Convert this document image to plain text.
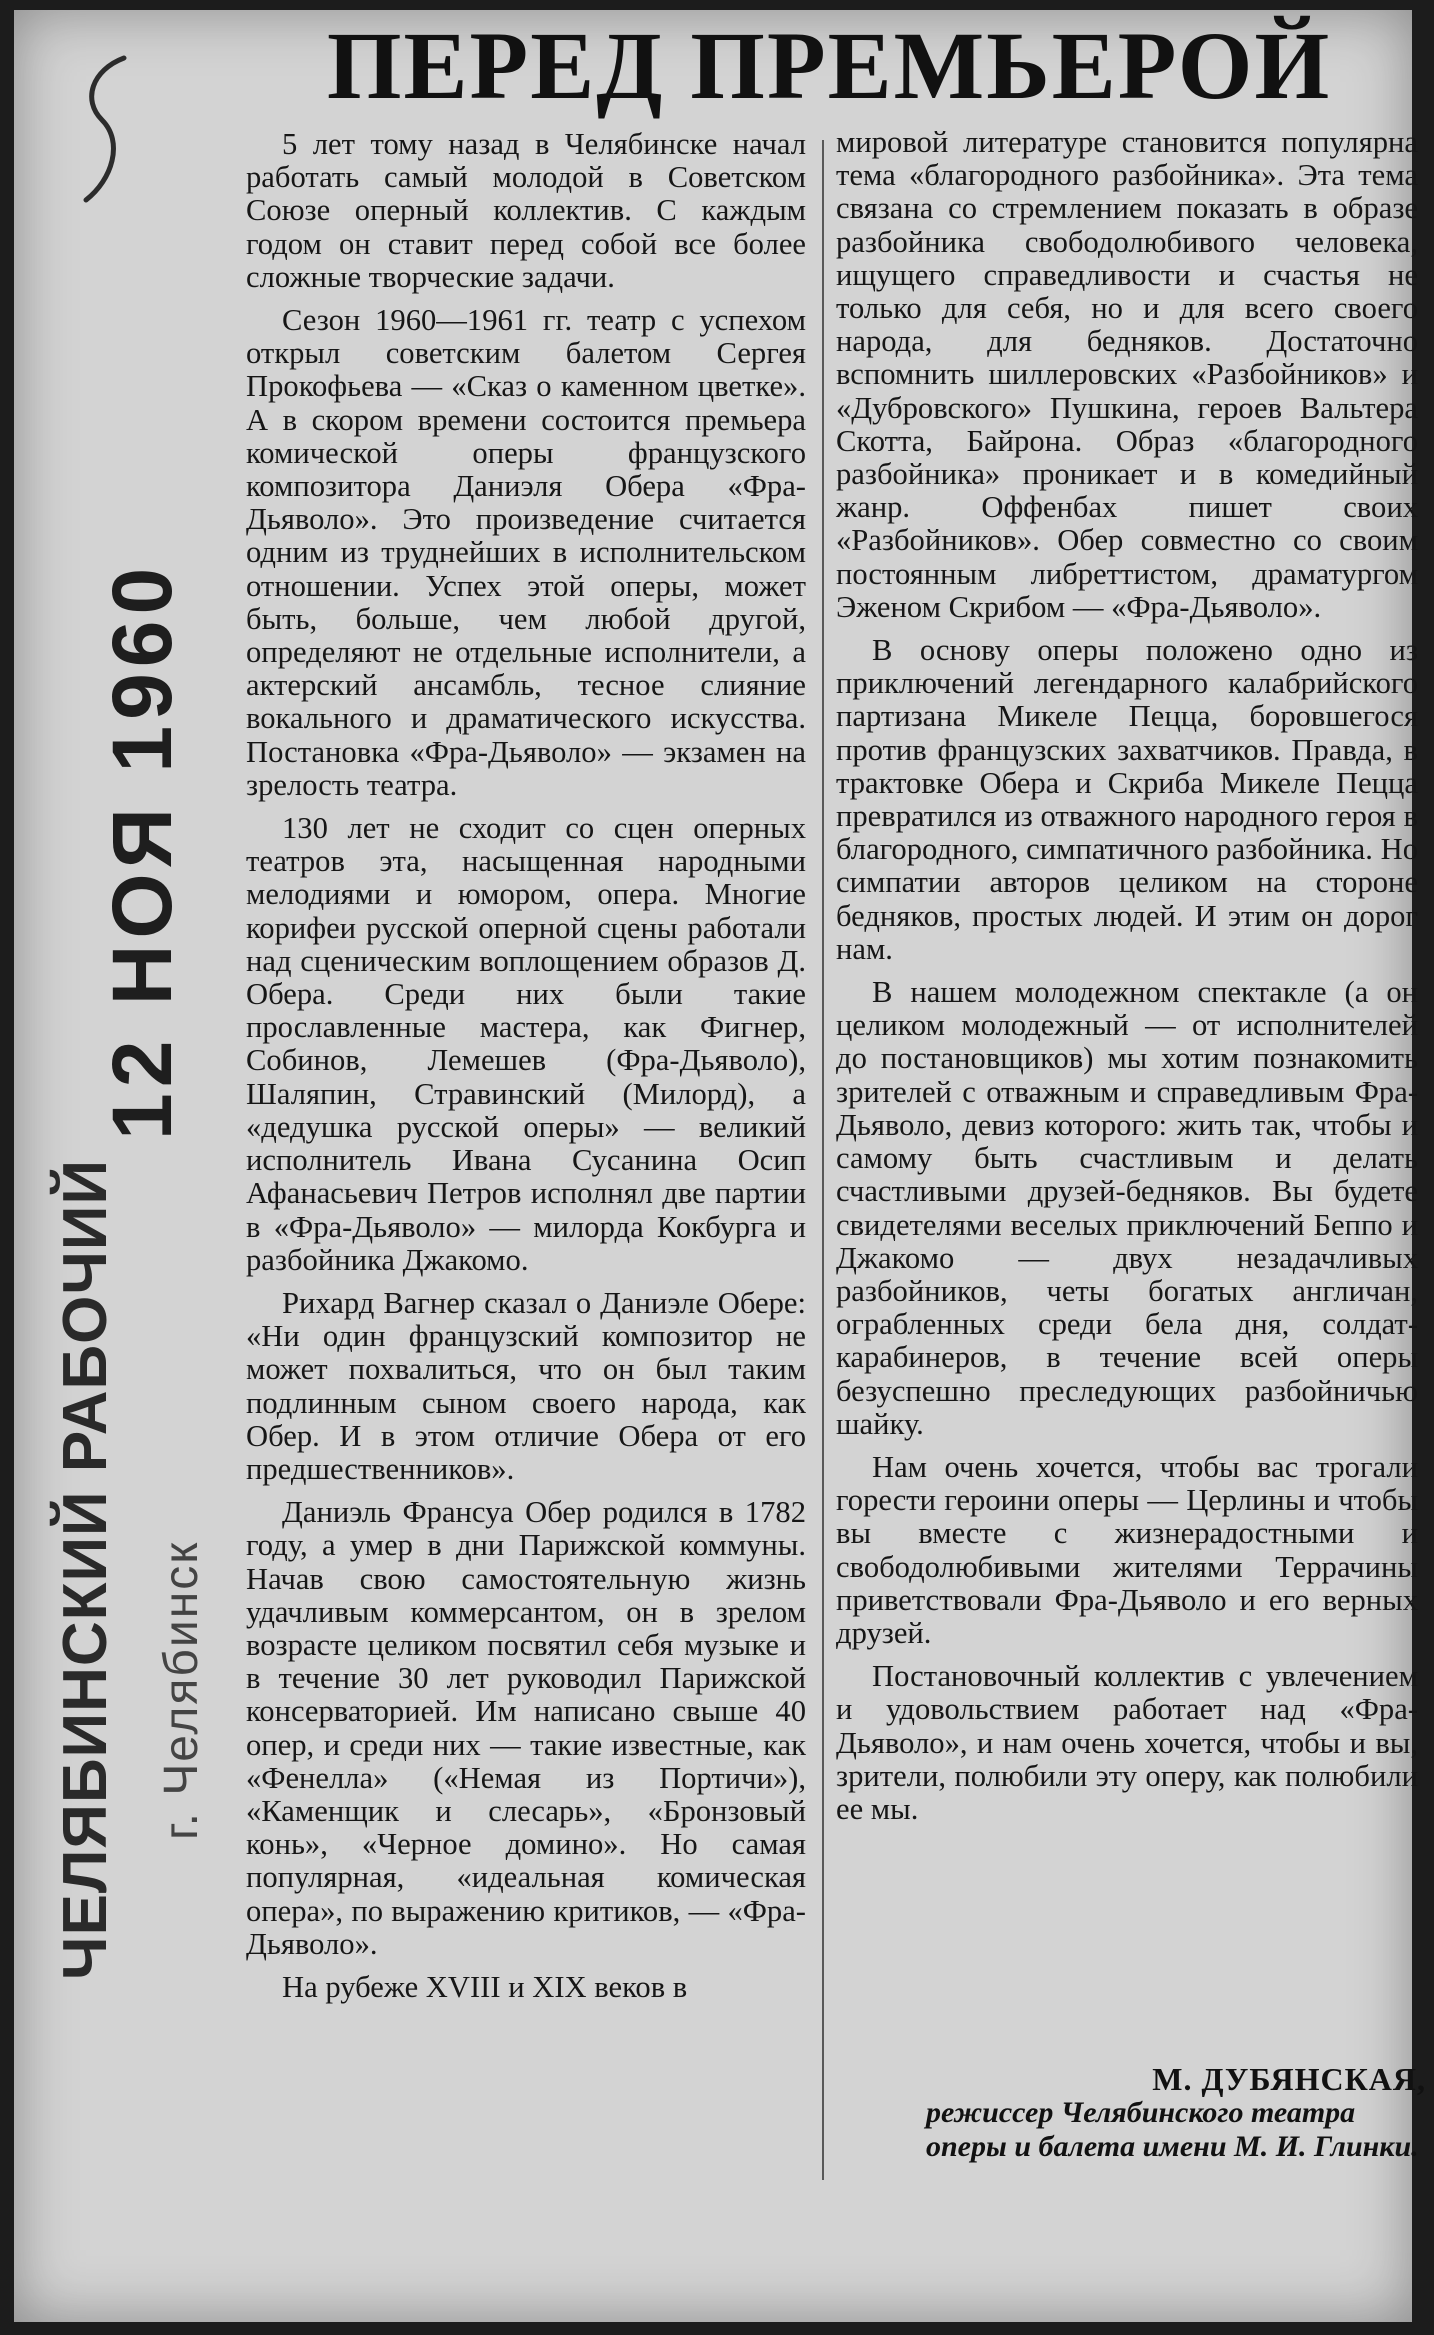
12 НОЯ 1960
ЧЕЛЯБИНСКИЙ РАБОЧИЙ г. Челябинск
ПЕРЕД ПРЕМЬЕРОЙ

5 лет тому назад в Челябинске начал работать самый молодой в Советском Союзе оперный коллектив. С каждым годом он ставит перед собой все более сложные творческие задачи.

Сезон 1960—1961 гг. театр с успехом открыл советским балетом Сергея Прокофьева — «Сказ о каменном цветке». А в скором времени состоится премьера комической оперы французского композитора Даниэля Обера «Фра-Дьяволо». Это произведение считается одним из труднейших в исполнительском отношении. Успех этой оперы, может быть, больше, чем любой другой, определяют не отдельные исполнители, а актерский ансамбль, тесное слияние вокального и драматического искусства. Постановка «Фра-Дьяволо» — экзамен на зрелость театра.

130 лет не сходит со сцен оперных театров эта, насыщенная народными мелодиями и юмором, опера. Многие корифеи русской оперной сцены работали над сценическим воплощением образов Д. Обера. Среди них были такие прославленные мастера, как Фигнер, Собинов, Лемешев (Фра-Дьяволо), Шаляпин, Стравинский (Милорд), а «дедушка русской оперы» — великий исполнитель Ивана Сусанина Осип Афанасьевич Петров исполнял две партии в «Фра-Дьяволо» — милорда Кокбурга и разбойника Джакомо.

Рихард Вагнер сказал о Даниэле Обере: «Ни один французский композитор не может похвалиться, что он был таким подлинным сыном своего народа, как Обер. И в этом отличие Обера от его предшественников».

Даниэль Франсуа Обер родился в 1782 году, а умер в дни Парижской коммуны. Начав свою самостоятельную жизнь удачливым коммерсантом, он в зрелом возрасте целиком посвятил себя музыке и в течение 30 лет руководил Парижской консерваторией. Им написано свыше 40 опер, и среди них — такие известные, как «Фенелла» («Немая из Портичи»), «Каменщик и слесарь», «Бронзовый конь», «Черное домино». Но самая популярная, «идеальная комическая опера», по выражению критиков, — «Фра-Дьяволо».

На рубеже XVIII и XIX веков в

мировой литературе становится популярна тема «благородного разбойника». Эта тема связана со стремлением показать в образе разбойника свободолюбивого человека, ищущего справедливости и счастья не только для себя, но и для всего своего народа, для бедняков. Достаточно вспомнить шиллеровских «Разбойников» и «Дубровского» Пушкина, героев Вальтера Скотта, Байрона. Образ «благородного разбойника» проникает и в комедийный жанр. Оффенбах пишет своих «Разбойников». Обер совместно со своим постоянным либреттистом, драматургом Эженом Скрибом — «Фра-Дьяволо».

В основу оперы положено одно из приключений легендарного калабрийского партизана Микеле Пецца, боровшегося против французских захватчиков. Правда, в трактовке Обера и Скриба Микеле Пецца превратился из отважного народного героя в благородного, симпатичного разбойника. Но симпатии авторов целиком на стороне бедняков, простых людей. И этим он дорог нам.

В нашем молодежном спектакле (а он целиком молодежный — от исполнителей до постановщиков) мы хотим познакомить зрителей с отважным и справедливым Фра-Дьяволо, девиз которого: жить так, чтобы и самому быть счастливым и делать счастливыми друзей-бедняков. Вы будете свидетелями веселых приключений Беппо и Джакомо — двух незадачливых разбойников, четы богатых англичан, ограбленных среди бела дня, солдат-карабинеров, в течение всей оперы безуспешно преследующих разбойничью шайку.

Нам очень хочется, чтобы вас трогали горести героини оперы — Церлины и чтобы вы вместе с жизнерадостными и свободолюбивыми жителями Террачины приветствовали Фра-Дьяволо и его верных друзей.

Постановочный коллектив с увлечением и удовольствием работает над «Фра-Дьяволо», и нам очень хочется, чтобы и вы, зрители, полюбили эту оперу, как полюбили ее мы.

М. ДУБЯНСКАЯ,
режиссер Челябинского театра оперы и балета имени М. И. Глинки.
